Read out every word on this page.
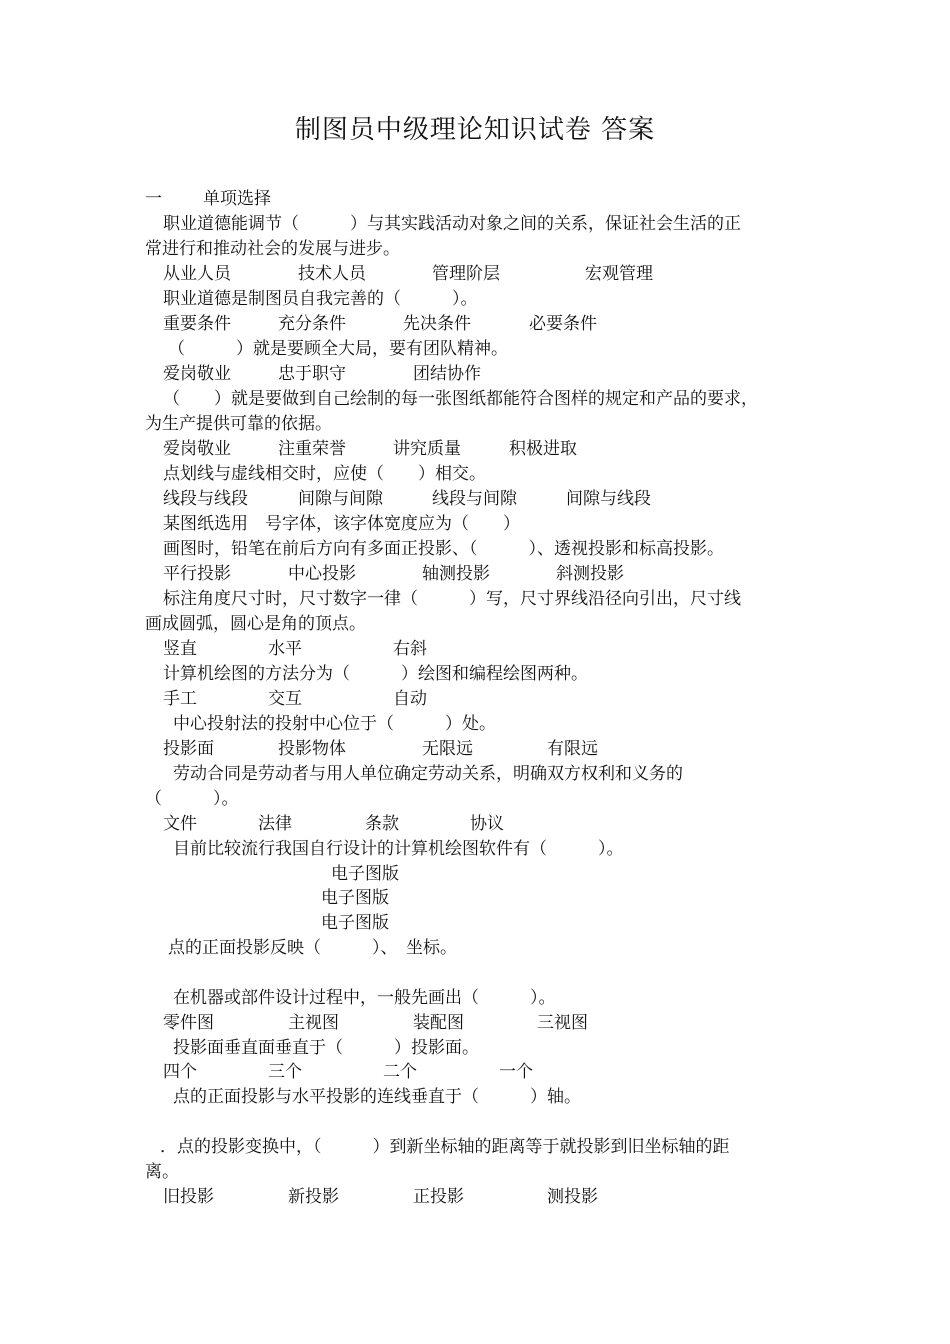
制图员中级理论知识试卷 答案
一 单项选择
职业道德能调节（　　　）与其实践活动对象之间的关系，保证社会生活的正
常进行和推动社会的发展与进步。
从业人员	技术人员	管理阶层	宏观管理
职业道德是制图员自我完善的（　　　）。
重要条件	充分条件	先决条件	必要条件
（　　　）就是要顾全大局，要有团队精神。
爱岗敬业	忠于职守	团结协作
（　　）就是要做到自己绘制的每一张图纸都能符合图样的规定和产品的要求，
为生产提供可靠的依据。
爱岗敬业	注重荣誉	讲究质量	积极进取
点划线与虚线相交时，应使（　　）相交。
线段与线段	间隙与间隙	线段与间隙	间隙与线段
某图纸选用　号字体，该字体宽度应为（　　）
画图时，铅笔在前后方向有多面正投影、（　　　）、透视投影和标高投影。
平行投影	中心投影	轴测投影	斜测投影
标注角度尺寸时，尺寸数字一律（　　　）写，尺寸界线沿径向引出，尺寸线
画成圆弧，圆心是角的顶点。
竖直	水平	右斜
计算机绘图的方法分为（　　　）绘图和编程绘图两种。
手工	交互	自动
中心投射法的投射中心位于（　　　）处。
投影面	投影物体	无限远	有限远
劳动合同是劳动者与用人单位确定劳动关系，明确双方权利和义务的
（　　　）。
文件	法律	条款	协议
目前比较流行我国自行设计的计算机绘图软件有（　　　）。
电子图版
电子图版
电子图版
点的正面投影反映（　　　）、　坐标。
在机器或部件设计过程中，一般先画出（　　　）。
零件图	主视图	装配图	三视图
投影面垂直面垂直于（　　　）投影面。
四个	三个	二个	一个
点的正面投影与水平投影的连线垂直于（　　　）轴。
．点的投影变换中，（　　　）到新坐标轴的距离等于就投影到旧坐标轴的距
离。
旧投影	新投影	正投影	测投影
